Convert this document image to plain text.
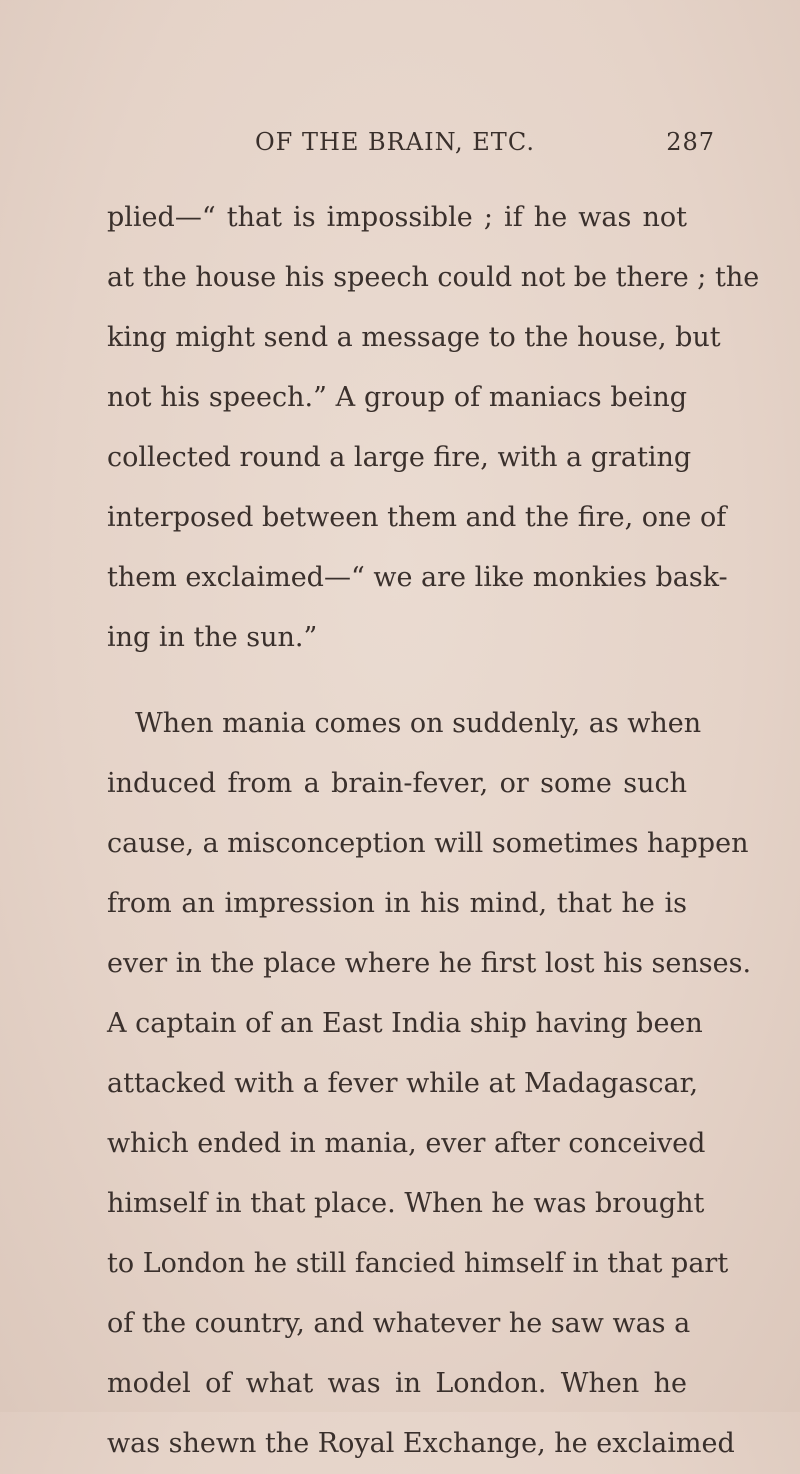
OF THE BRAIN, ETC.	287
plied—“ that is impossible ; if he was not
at the house his speech could not be there ; the
king might send a message to the house, but
not his speech.” A group of maniacs being
collected round a large fire, with a grating
interposed between them and the fire, one of
them exclaimed—“ we are like monkies bask-
ing in the sun.”
When mania comes on suddenly, as when
induced from a brain-fever, or some such
cause, a misconception will sometimes happen
from an impression in his mind, that he is
ever in the place where he first lost his senses.
A captain of an East India ship having been
attacked with a fever while at Madagascar,
which ended in mania, ever after conceived
himself in that place. When he was brought
to London he still fancied himself in that part
of the country, and whatever he saw was a
model of what was in London. When he
was shewn the Royal Exchange, he exclaimed
